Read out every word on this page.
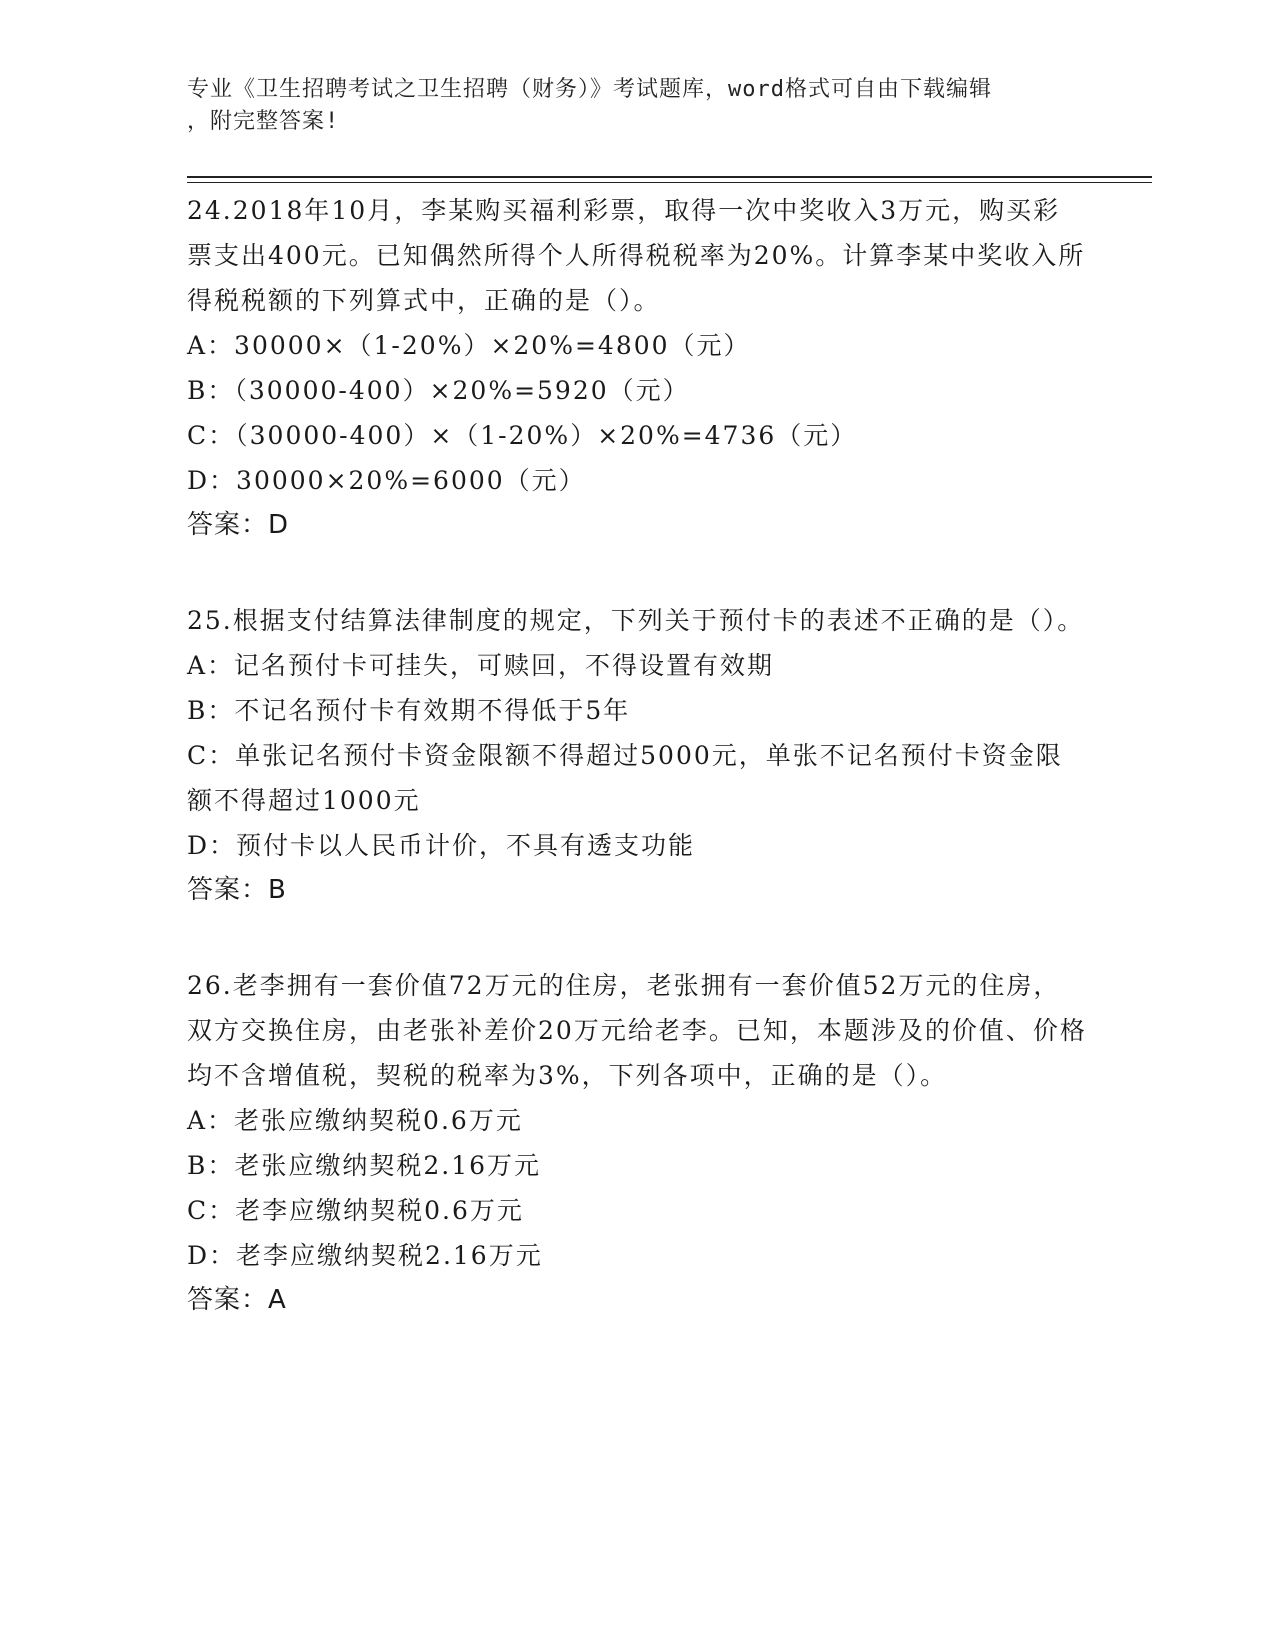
专业《卫生招聘考试之卫生招聘（财务）》考试题库，word格式可自由下载编辑
，附完整答案!

24.2018年10月，李某购买福利彩票，取得一次中奖收入3万元，购买彩票支出400元。已知偶然所得个人所得税税率为20%。计算李某中奖收入所得税税额的下列算式中，正确的是（）。

A：30000×（1-20%）×20%=4800（元）

B：（30000-400）×20%=5920（元）

C：（30000-400）×（1-20%）×20%=4736（元）

D：30000×20%=6000（元）

答案：D

25.根据支付结算法律制度的规定，下列关于预付卡的表述不正确的是（）。

A：记名预付卡可挂失，可赎回，不得设置有效期

B：不记名预付卡有效期不得低于5年

C：单张记名预付卡资金限额不得超过5000元，单张不记名预付卡资金限额不得超过1000元

D：预付卡以人民币计价，不具有透支功能

答案：B

26.老李拥有一套价值72万元的住房，老张拥有一套价值52万元的住房，双方交换住房，由老张补差价20万元给老李。已知，本题涉及的价值、价格均不含增值税，契税的税率为3%，下列各项中，正确的是（）。

A：老张应缴纳契税0.6万元

B：老张应缴纳契税2.16万元

C：老李应缴纳契税0.6万元

D：老李应缴纳契税2.16万元

答案：A
